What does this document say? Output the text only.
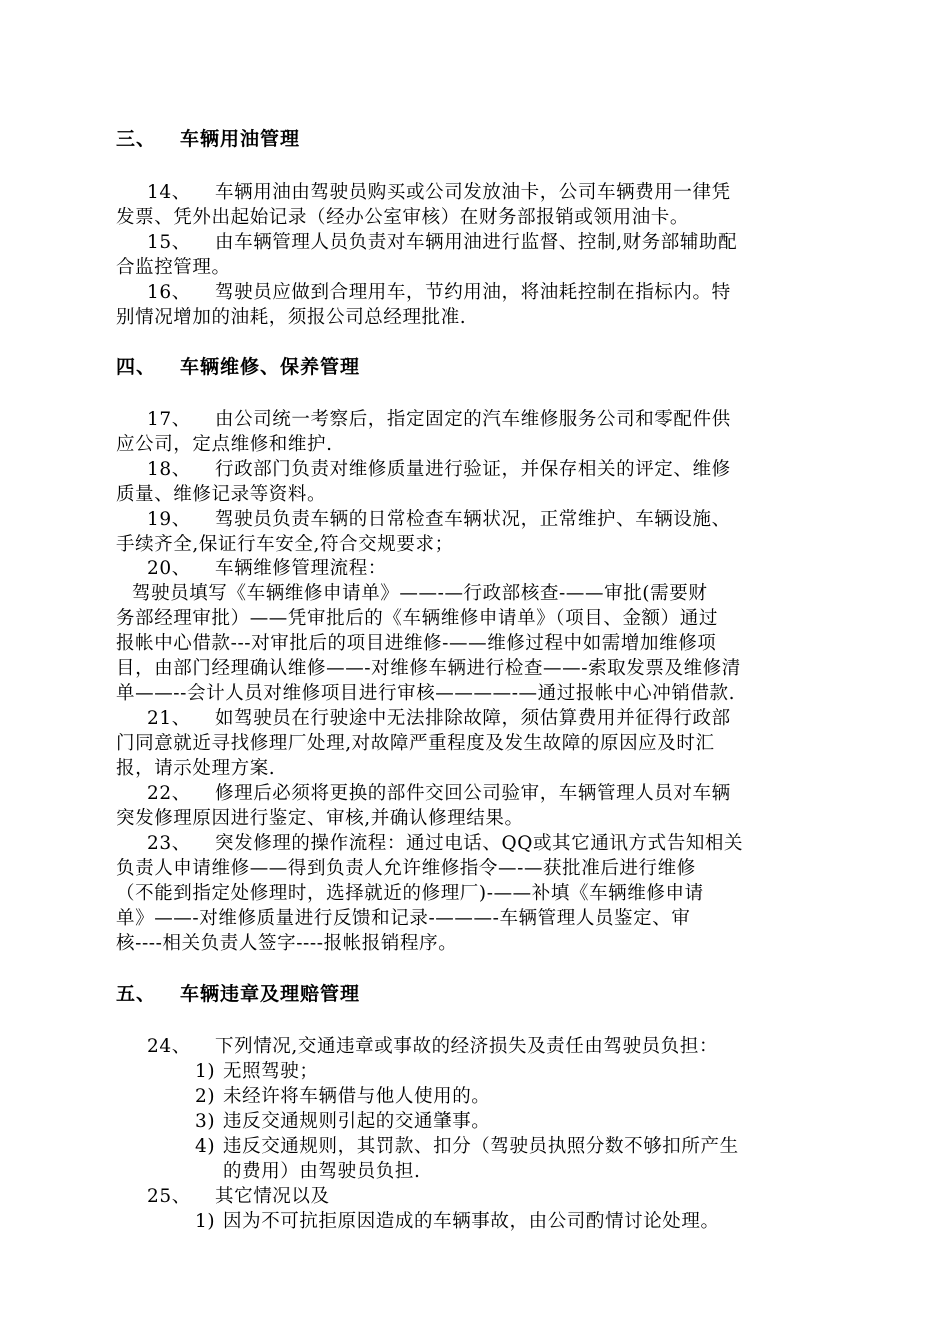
三、 车辆用油管理
14、 车辆用油由驾驶员购买或公司发放油卡，公司车辆费用一律凭
发票、凭外出起始记录（经办公室审核）在财务部报销或领用油卡。
15、 由车辆管理人员负责对车辆用油进行监督、控制,财务部辅助配
合监控管理。
16、 驾驶员应做到合理用车，节约用油，将油耗控制在指标内。特
别情况增加的油耗，须报公司总经理批准.
四、 车辆维修、保养管理
17、 由公司统一考察后，指定固定的汽车维修服务公司和零配件供
应公司，定点维修和维护.
18、 行政部门负责对维修质量进行验证，并保存相关的评定、维修
质量、维修记录等资料。
19、 驾驶员负责车辆的日常检查车辆状况，正常维护、车辆设施、
手续齐全,保证行车安全,符合交规要求；
20、 车辆维修管理流程：
驾驶员填写《车辆维修申请单》——-—行政部核查-——审批(需要财
务部经理审批）——凭审批后的《车辆维修申请单》（项目、金额）通过
报帐中心借款---对审批后的项目进维修-——维修过程中如需增加维修项
目，由部门经理确认维修——-对维修车辆进行检查——-索取发票及维修清
单——--会计人员对维修项目进行审核————-—通过报帐中心冲销借款.
21、 如驾驶员在行驶途中无法排除故障，须估算费用并征得行政部
门同意就近寻找修理厂处理,对故障严重程度及发生故障的原因应及时汇
报，请示处理方案.
22、 修理后必须将更换的部件交回公司验审，车辆管理人员对车辆
突发修理原因进行鉴定、审核,并确认修理结果。
23、 突发修理的操作流程：通过电话、QQ或其它通讯方式告知相关
负责人申请维修——得到负责人允许维修指令—-—获批准后进行维修
（不能到指定处修理时，选择就近的修理厂)-——补填《车辆维修申请
单》——-对维修质量进行反馈和记录-———-车辆管理人员鉴定、审
核----相关负责人签字----报帐报销程序。
五、 车辆违章及理赔管理
24、 下列情况,交通违章或事故的经济损失及责任由驾驶员负担：
1) 无照驾驶；
2) 未经许将车辆借与他人使用的。
3) 违反交通规则引起的交通肇事。
4) 违反交通规则，其罚款、扣分（驾驶员执照分数不够扣所产生
的费用）由驾驶员负担.
25、 其它情况以及
1) 因为不可抗拒原因造成的车辆事故，由公司酌情讨论处理。
